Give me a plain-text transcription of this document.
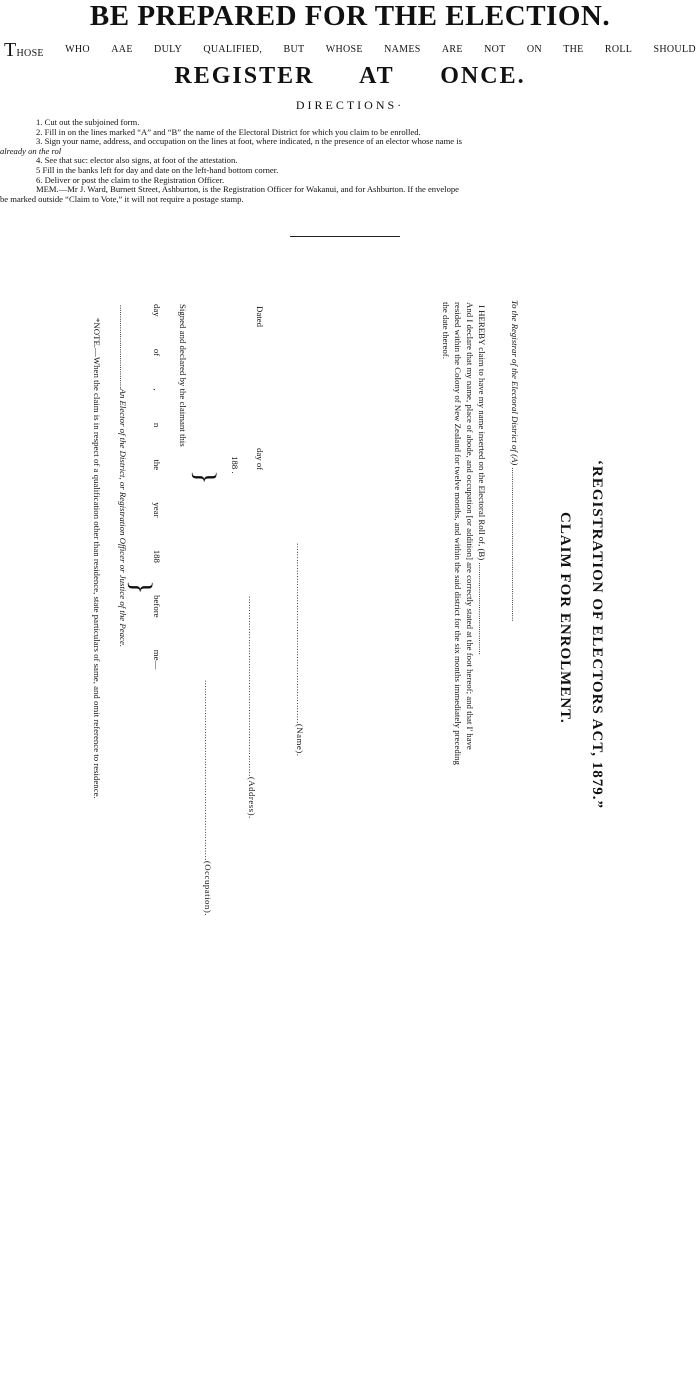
BE PREPARED FOR THE ELECTION.
THOSE WHO AAE DULY QUALIFIED, BUT WHOSE NAMES ARE NOT ON THE ROLL SHOULD
REGISTER AT ONCE.
DIRECTIONS·
1. Cut out the subjoined form.
2. Fill in on the lines marked “A” and “B” the name of the Electoral District for which you claim to be enrolled.
3. Sign your name, address, and occupation on the lines at foot, where indicated, n the presence of an elector whose name is
already on the rol
4. See that suc: elector also signs, at foot of the attestation.
5 Fill in the banks left for day and date on the left-hand bottom corner.
6. Deliver or post the claim to the Registration Officer.
MEM.—Mr J. Ward, Burnett Street, Ashburton, is the Registration Officer for Wakanui, and for Ashburton. If the envelope
be marked outside “Claim to Vote,” it will not require a postage stamp.
‘REGISTRATION OF ELECTORS ACT, 1879.”
CLAIM FOR ENROLMENT.
To the Registrar of the Electoral District of (A) ......................................................................
I HEREBY claim to have my name inserted on the Electoral Roll of, (B) ..........................................
And I declare that my name, place of abode, and occupation [or addition] are correctly stated at the foot hereof; and that I' have
resided within the Colony of New Zealand for twelve months, and within the said district for the six months immediately preceding
the date thereof.
Dated
day of
188 .
}
...................................................................(Name).
...................................................................(Address).
...................................................................(Occupation).
Signed and declared by the claimant this
day of , n the year 188 before me—
}
......................................An Elector of the District, or Registration Officer or Justice of the Peace.
*NOTE.—When the claim is in respect of a qualification other than residence, state particulars of same, and omit reference to residence.
